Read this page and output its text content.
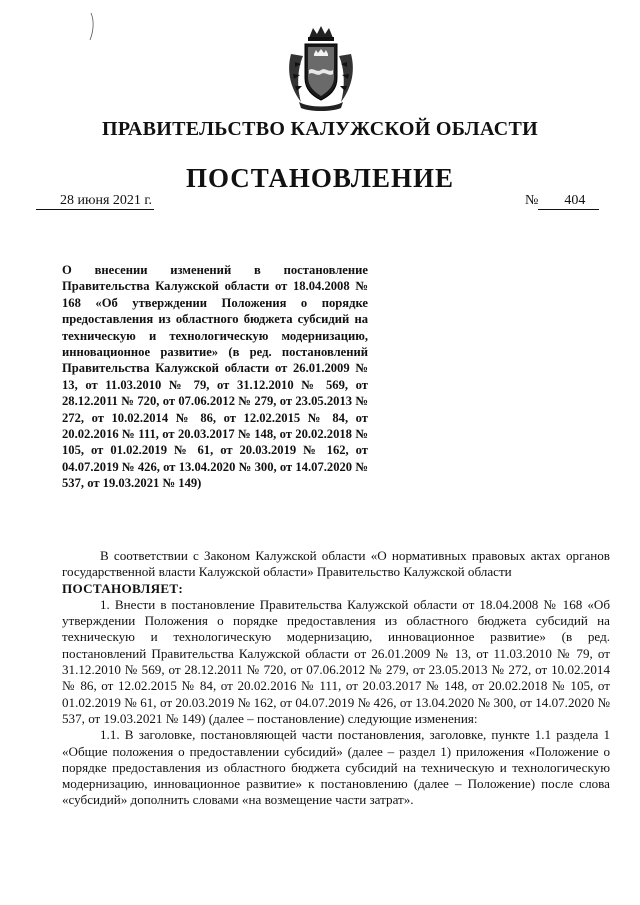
ПРАВИТЕЛЬСТВО КАЛУЖСКОЙ ОБЛАСТИ
ПОСТАНОВЛЕНИЕ
28 июня 2021 г.	№ 404
О внесении изменений в постановление Правительства Калужской области от 18.04.2008 № 168 «Об утверждении Положения о порядке предоставления из областного бюджета субсидий на техническую и технологическую модернизацию, инновационное развитие» (в ред. постановлений Правительства Калужской области от 26.01.2009 № 13, от 11.03.2010 № 79, от 31.12.2010 № 569, от 28.12.2011 № 720, от 07.06.2012 № 279, от 23.05.2013 № 272, от 10.02.2014 № 86, от 12.02.2015 № 84, от 20.02.2016 № 111, от 20.03.2017 № 148, от 20.02.2018 № 105, от 01.02.2019 № 61, от 20.03.2019 № 162, от 04.07.2019 № 426, от 13.04.2020 № 300, от 14.07.2020 № 537, от 19.03.2021 № 149)

В соответствии с Законом Калужской области «О нормативных правовых актах органов государственной власти Калужской области» Правительство Калужской области

ПОСТАНОВЛЯЕТ:

1. Внести в постановление Правительства Калужской области от 18.04.2008 № 168 «Об утверждении Положения о порядке предоставления из областного бюджета субсидий на техническую и технологическую модернизацию, инновационное развитие» (в ред. постановлений Правительства Калужской области от 26.01.2009 № 13, от 11.03.2010 № 79, от 31.12.2010 № 569, от 28.12.2011 № 720, от 07.06.2012 № 279, от 23.05.2013 № 272, от 10.02.2014 № 86, от 12.02.2015 № 84, от 20.02.2016 № 111, от 20.03.2017 № 148, от 20.02.2018 № 105, от 01.02.2019 № 61, от 20.03.2019 № 162, от 04.07.2019 № 426, от 13.04.2020 № 300, от 14.07.2020 № 537, от 19.03.2021 № 149) (далее – постановление) следующие изменения:

1.1. В заголовке, постановляющей части постановления, заголовке, пункте 1.1 раздела 1 «Общие положения о предоставлении субсидий» (далее – раздел 1) приложения «Положение о порядке предоставления из областного бюджета субсидий на техническую и технологическую модернизацию, инновационное развитие» к постановлению (далее – Положение) после слова «субсидий» дополнить словами «на возмещение части затрат».
